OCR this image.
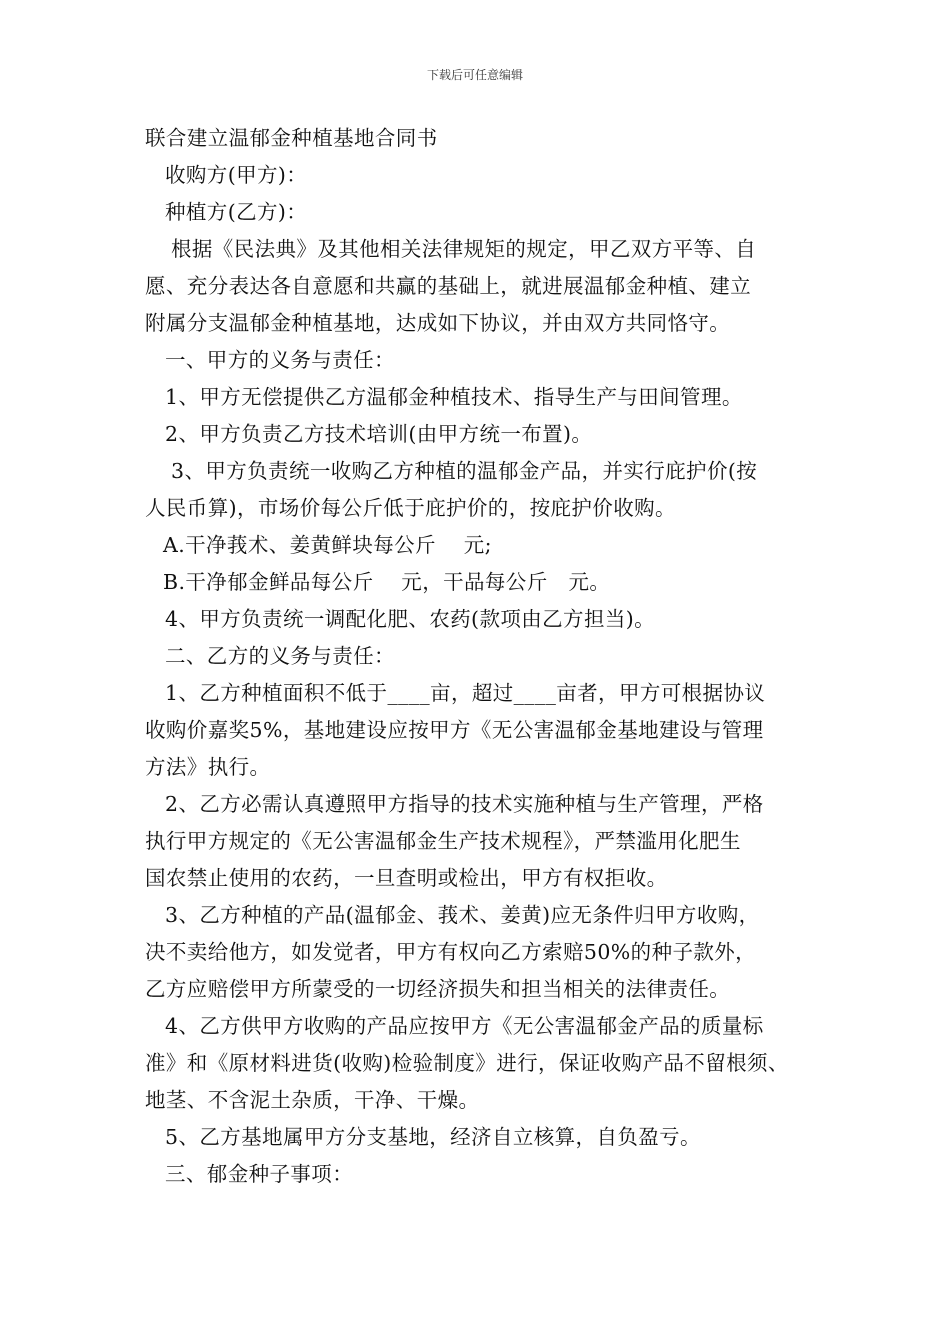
下载后可任意编辑
联合建立温郁金种植基地合同书
收购方(甲方)：
种植方(乙方)：
根据《民法典》及其他相关法律规矩的规定，甲乙双方平等、自
愿、充分表达各自意愿和共赢的基础上，就进展温郁金种植、建立
附属分支温郁金种植基地，达成如下协议，并由双方共同恪守。
一、甲方的义务与责任：
1、甲方无偿提供乙方温郁金种植技术、指导生产与田间管理。
2、甲方负责乙方技术培训(由甲方统一布置)。
3、甲方负责统一收购乙方种植的温郁金产品，并实行庇护价(按
人民币算)，市场价每公斤低于庇护价的，按庇护价收购。
A.干净莪术、姜黄鲜块每公斤　 元;
B.干净郁金鲜品每公斤　 元，干品每公斤　元。
4、甲方负责统一调配化肥、农药(款项由乙方担当)。
二、乙方的义务与责任：
1、乙方种植面积不低于____亩，超过____亩者，甲方可根据协议
收购价嘉奖5%，基地建设应按甲方《无公害温郁金基地建设与管理
方法》执行。
2、乙方必需认真遵照甲方指导的技术实施种植与生产管理，严格
执行甲方规定的《无公害温郁金生产技术规程》，严禁滥用化肥生
国农禁止使用的农药，一旦查明或检出，甲方有权拒收。
3、乙方种植的产品(温郁金、莪术、姜黄)应无条件归甲方收购，
决不卖给他方，如发觉者，甲方有权向乙方索赔50%的种子款外，
乙方应赔偿甲方所蒙受的一切经济损失和担当相关的法律责任。
4、乙方供甲方收购的产品应按甲方《无公害温郁金产品的质量标
准》和《原材料进货(收购)检验制度》进行，保证收购产品不留根须、
地茎、不含泥土杂质，干净、干燥。
5、乙方基地属甲方分支基地，经济自立核算，自负盈亏。
三、郁金种子事项：
